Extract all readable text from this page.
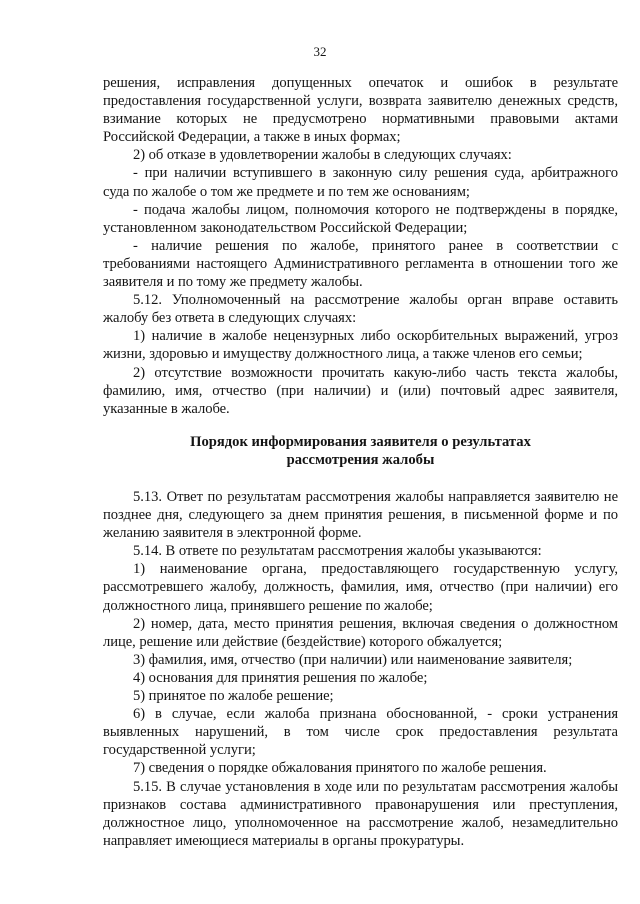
32

решения, исправления допущенных опечаток и ошибок в результате предоставления государственной услуги, возврата заявителю денежных средств, взимание которых не предусмотрено нормативными правовыми актами Российской Федерации, а также в иных формах;

2) об отказе в удовлетворении жалобы в следующих случаях:

- при наличии вступившего в законную силу решения суда, арбитражного суда по жалобе о том же предмете и по тем же основаниям;

- подача жалобы лицом, полномочия которого не подтверждены в порядке, установленном законодательством Российской Федерации;

- наличие решения по жалобе, принятого ранее в соответствии с требованиями настоящего Административного регламента в отношении того же заявителя и по тому же предмету жалобы.

5.12. Уполномоченный на рассмотрение жалобы орган вправе оставить жалобу без ответа в следующих случаях:

1) наличие в жалобе нецензурных либо оскорбительных выражений, угроз жизни, здоровью и имуществу должностного лица, а также членов его семьи;

2) отсутствие возможности прочитать какую-либо часть текста жалобы, фамилию, имя, отчество (при наличии) и (или) почтовый адрес заявителя, указанные в жалобе.

Порядок информирования заявителя о результатах

рассмотрения жалобы

5.13. Ответ по результатам рассмотрения жалобы направляется заявителю не позднее дня, следующего за днем принятия решения, в письменной форме и по желанию заявителя в электронной форме.

5.14. В ответе по результатам рассмотрения жалобы указываются:

1) наименование органа, предоставляющего государственную услугу, рассмотревшего жалобу, должность, фамилия, имя, отчество (при наличии) его должностного лица, принявшего решение по жалобе;

2) номер, дата, место принятия решения, включая сведения о должностном лице, решение или действие (бездействие) которого обжалуется;

3) фамилия, имя, отчество (при наличии) или наименование заявителя;

4) основания для принятия решения по жалобе;

5) принятое по жалобе решение;

6) в случае, если жалоба признана обоснованной, - сроки устранения выявленных нарушений, в том числе срок предоставления результата государственной услуги;

7) сведения о порядке обжалования принятого по жалобе решения.

5.15. В случае установления в ходе или по результатам рассмотрения жалобы признаков состава административного правонарушения или преступления, должностное лицо, уполномоченное на рассмотрение жалоб, незамедлительно направляет имеющиеся материалы в органы прокуратуры.
